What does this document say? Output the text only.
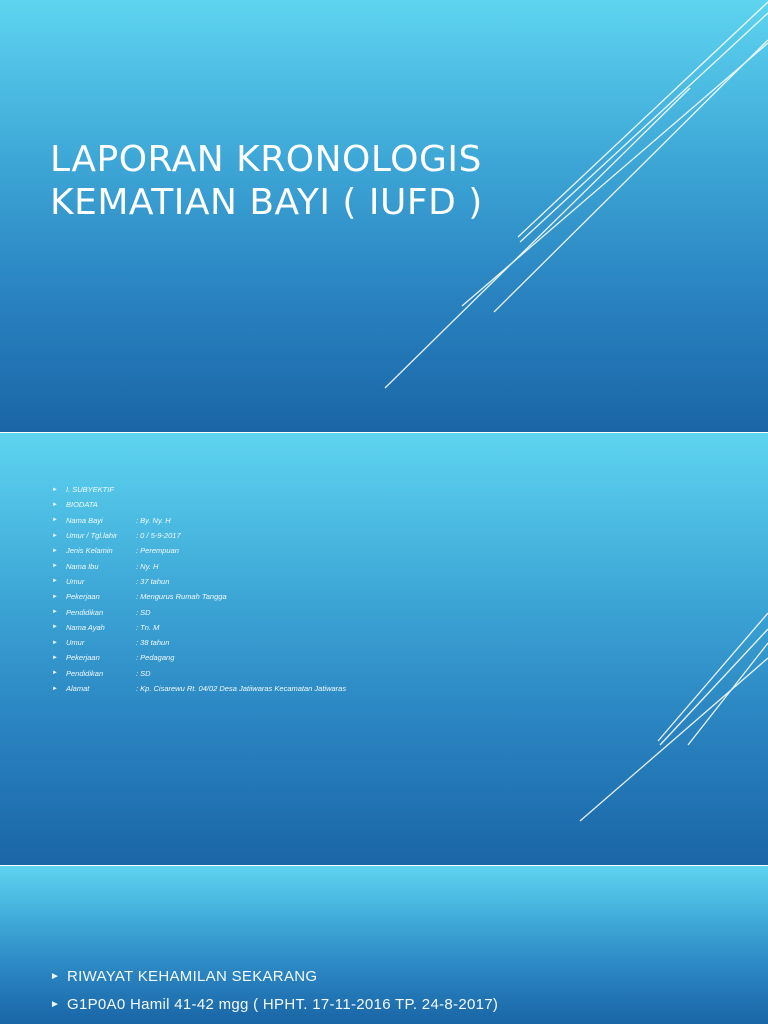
LAPORAN KRONOLOGIS
KEMATIAN BAYI ( IUFD )
►	I. SUBYEKTIF
►	BIODATA
►	Nama Bayi	: By. Ny. H
►	Umur / Tgl.lahir	: 0 / 5-9-2017
►	Jenis Kelamin	: Perempuan
►	Nama Ibu	: Ny. H
►	Umur	: 37 tahun
►	Pekerjaan	: Mengurus Rumah Tangga
►	Pendidikan	: SD
►	Nama Ayah	: Tn. M
►	Umur	: 38 tahun
►	Pekerjaan	: Pedagang
►	Pendidikan	: SD
►	Alamat	: Kp. Cisarewu Rt. 04/02 Desa Jatiiwaras Kecamatan Jatiwaras
► RIWAYAT KEHAMILAN SEKARANG
► G1P0A0 Hamil 41-42 mgg ( HPHT. 17-11-2016 TP. 24-8-2017)
